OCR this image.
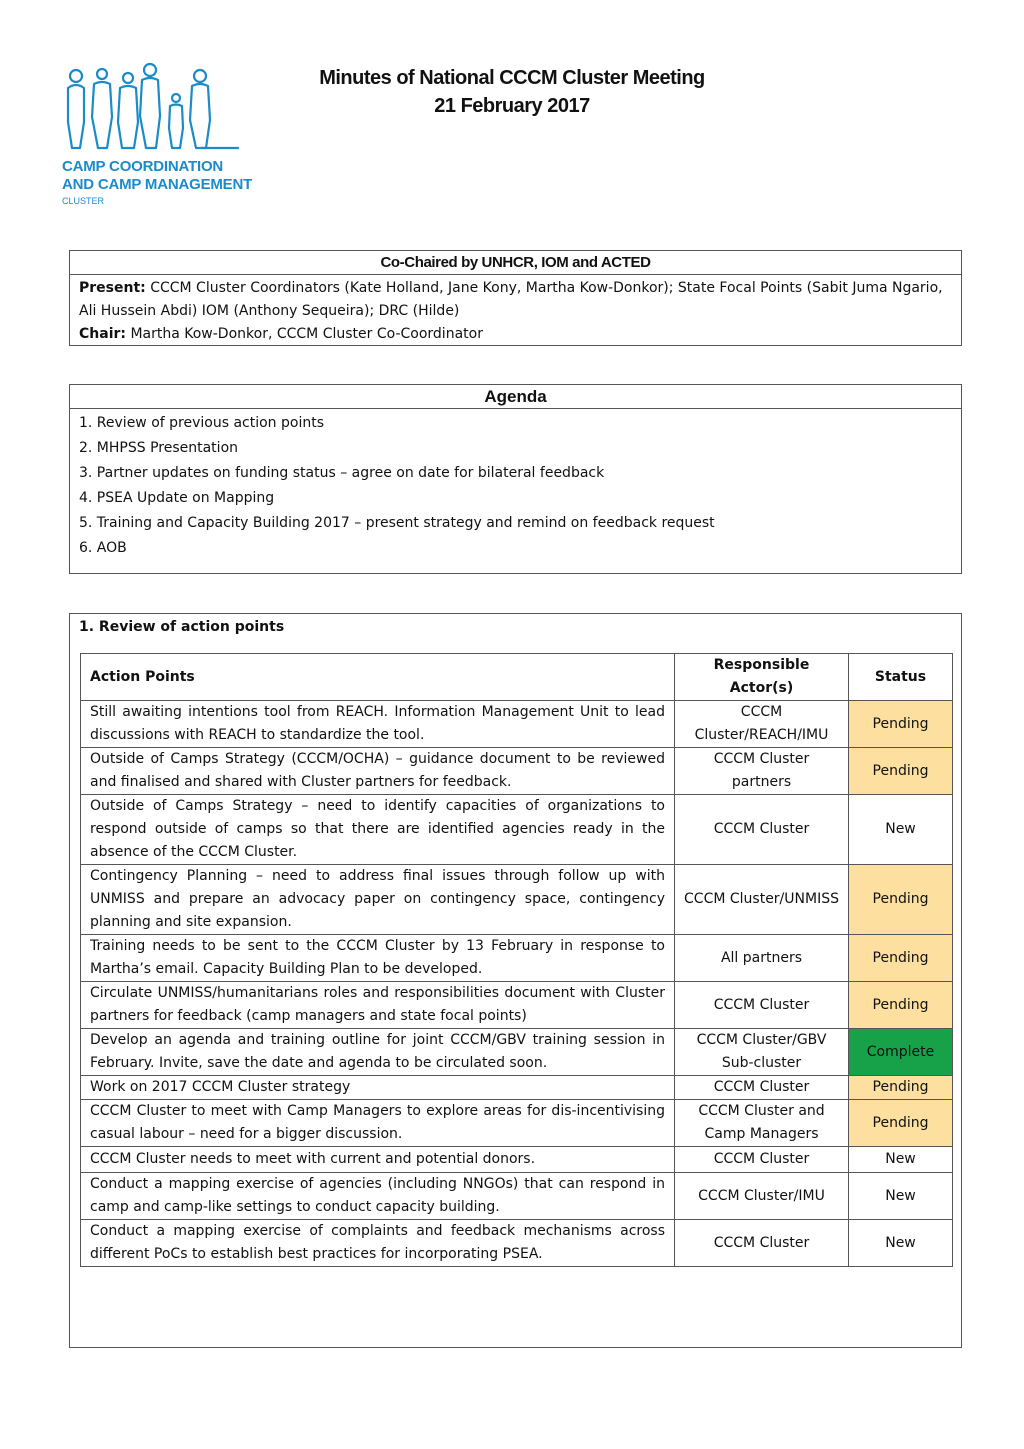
CAMP COORDINATION
AND CAMP MANAGEMENT
CLUSTER
Minutes of National CCCM Cluster Meeting
21 February 2017
Co-Chaired by UNHCR, IOM and ACTED
Present: CCCM Cluster Coordinators (Kate Holland, Jane Kony, Martha Kow-Donkor); State Focal Points (Sabit Juma Ngario, Ali Hussein Abdi) IOM (Anthony Sequeira); DRC (Hilde)
Chair: Martha Kow-Donkor, CCCM Cluster Co-Coordinator
Agenda
1. Review of previous action points
2. MHPSS Presentation
3. Partner updates on funding status – agree on date for bilateral feedback
4. PSEA Update on Mapping
5. Training and Capacity Building 2017 – present strategy and remind on feedback request
6. AOB
1. Review of action points
Action Points	Responsible Actor(s)	Status
Still awaiting intentions tool from REACH. Information Management Unit to lead discussions with REACH to standardize the tool.	CCCM Cluster/REACH/IMU	Pending
Outside of Camps Strategy (CCCM/OCHA) – guidance document to be reviewed and finalised and shared with Cluster partners for feedback.	CCCM Cluster partners	Pending
Outside of Camps Strategy – need to identify capacities of organizations to respond outside of camps so that there are identified agencies ready in the absence of the CCCM Cluster.	CCCM Cluster	New
Contingency Planning – need to address final issues through follow up with UNMISS and prepare an advocacy paper on contingency space, contingency planning and site expansion.	CCCM Cluster/UNMISS	Pending
Training needs to be sent to the CCCM Cluster by 13 February in response to Martha’s email. Capacity Building Plan to be developed.	All partners	Pending
Circulate UNMISS/humanitarians roles and responsibilities document with Cluster partners for feedback (camp managers and state focal points)	CCCM Cluster	Pending
Develop an agenda and training outline for joint CCCM/GBV training session in February. Invite, save the date and agenda to be circulated soon.	CCCM Cluster/GBV Sub-cluster	Complete
Work on 2017 CCCM Cluster strategy	CCCM Cluster	Pending
CCCM Cluster to meet with Camp Managers to explore areas for dis-incentivising casual labour – need for a bigger discussion.	CCCM Cluster and Camp Managers	Pending
CCCM Cluster needs to meet with current and potential donors.	CCCM Cluster	New
Conduct a mapping exercise of agencies (including NNGOs) that can respond in camp and camp-like settings to conduct capacity building.	CCCM Cluster/IMU	New
Conduct a mapping exercise of complaints and feedback mechanisms across different PoCs to establish best practices for incorporating PSEA.	CCCM Cluster	New
